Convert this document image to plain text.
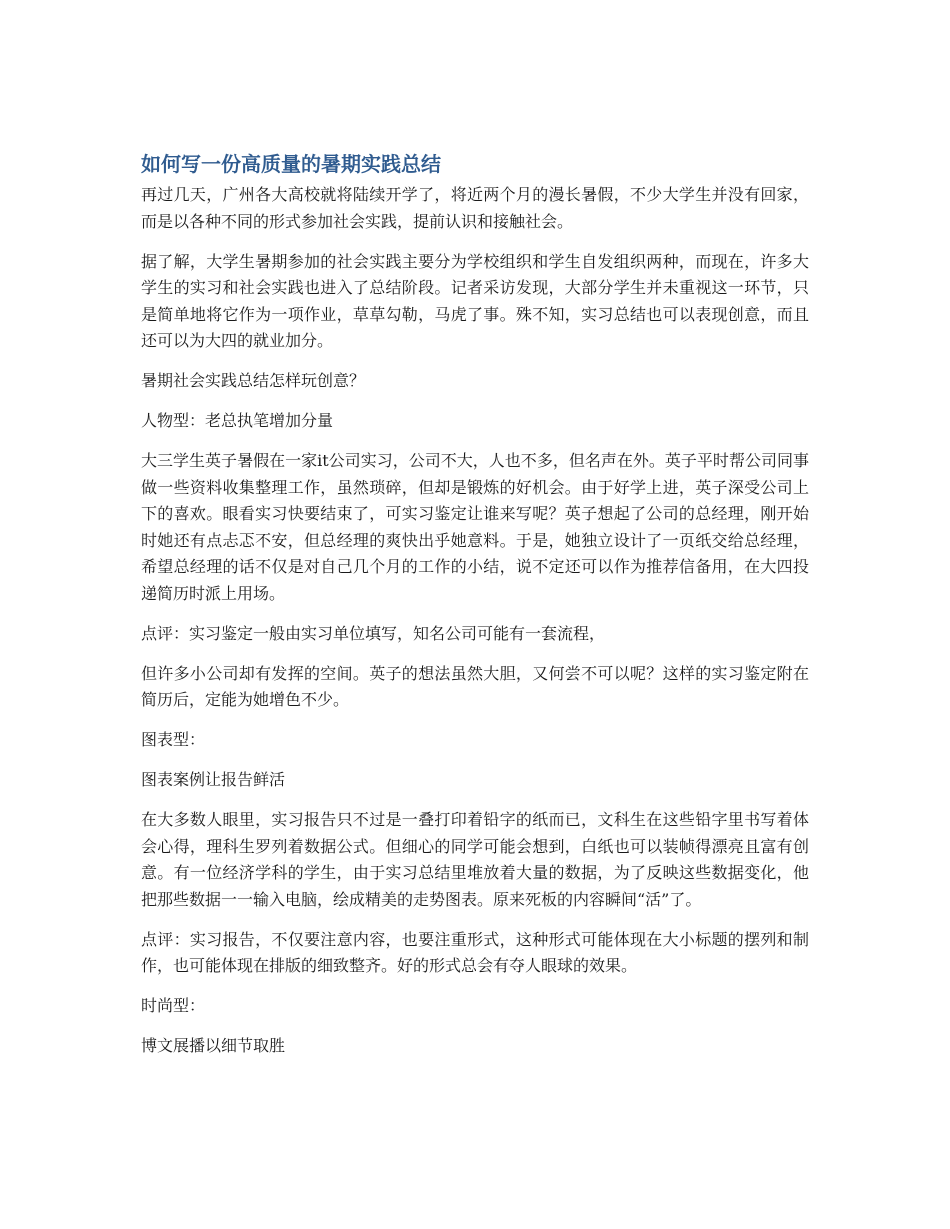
如何写一份高质量的暑期实践总结

再过几天，广州各大高校就将陆续开学了，将近两个月的漫长暑假，不少大学生并没有回家，而是以各种不同的形式参加社会实践，提前认识和接触社会。

据了解，大学生暑期参加的社会实践主要分为学校组织和学生自发组织两种，而现在，许多大学生的实习和社会实践也进入了总结阶段。记者采访发现，大部分学生并未重视这一环节，只是简单地将它作为一项作业，草草勾勒，马虎了事。殊不知，实习总结也可以表现创意，而且还可以为大四的就业加分。

暑期社会实践总结怎样玩创意？

人物型：老总执笔增加分量

大三学生英子暑假在一家it公司实习，公司不大，人也不多，但名声在外。英子平时帮公司同事做一些资料收集整理工作，虽然琐碎，但却是锻炼的好机会。由于好学上进，英子深受公司上下的喜欢。眼看实习快要结束了，可实习鉴定让谁来写呢？英子想起了公司的总经理，刚开始时她还有点忐忑不安，但总经理的爽快出乎她意料。于是，她独立设计了一页纸交给总经理，希望总经理的话不仅是对自己几个月的工作的小结，说不定还可以作为推荐信备用，在大四投递简历时派上用场。

点评：实习鉴定一般由实习单位填写，知名公司可能有一套流程，

但许多小公司却有发挥的空间。英子的想法虽然大胆，又何尝不可以呢？这样的实习鉴定附在简历后，定能为她增色不少。

图表型：

图表案例让报告鲜活

在大多数人眼里，实习报告只不过是一叠打印着铅字的纸而已，文科生在这些铅字里书写着体会心得，理科生罗列着数据公式。但细心的同学可能会想到，白纸也可以装帧得漂亮且富有创意。有一位经济学科的学生，由于实习总结里堆放着大量的数据，为了反映这些数据变化，他把那些数据一一输入电脑，绘成精美的走势图表。原来死板的内容瞬间“活”了。

点评：实习报告，不仅要注意内容，也要注重形式，这种形式可能体现在大小标题的摆列和制作，也可能体现在排版的细致整齐。好的形式总会有夺人眼球的效果。

时尚型：

博文展播以细节取胜
